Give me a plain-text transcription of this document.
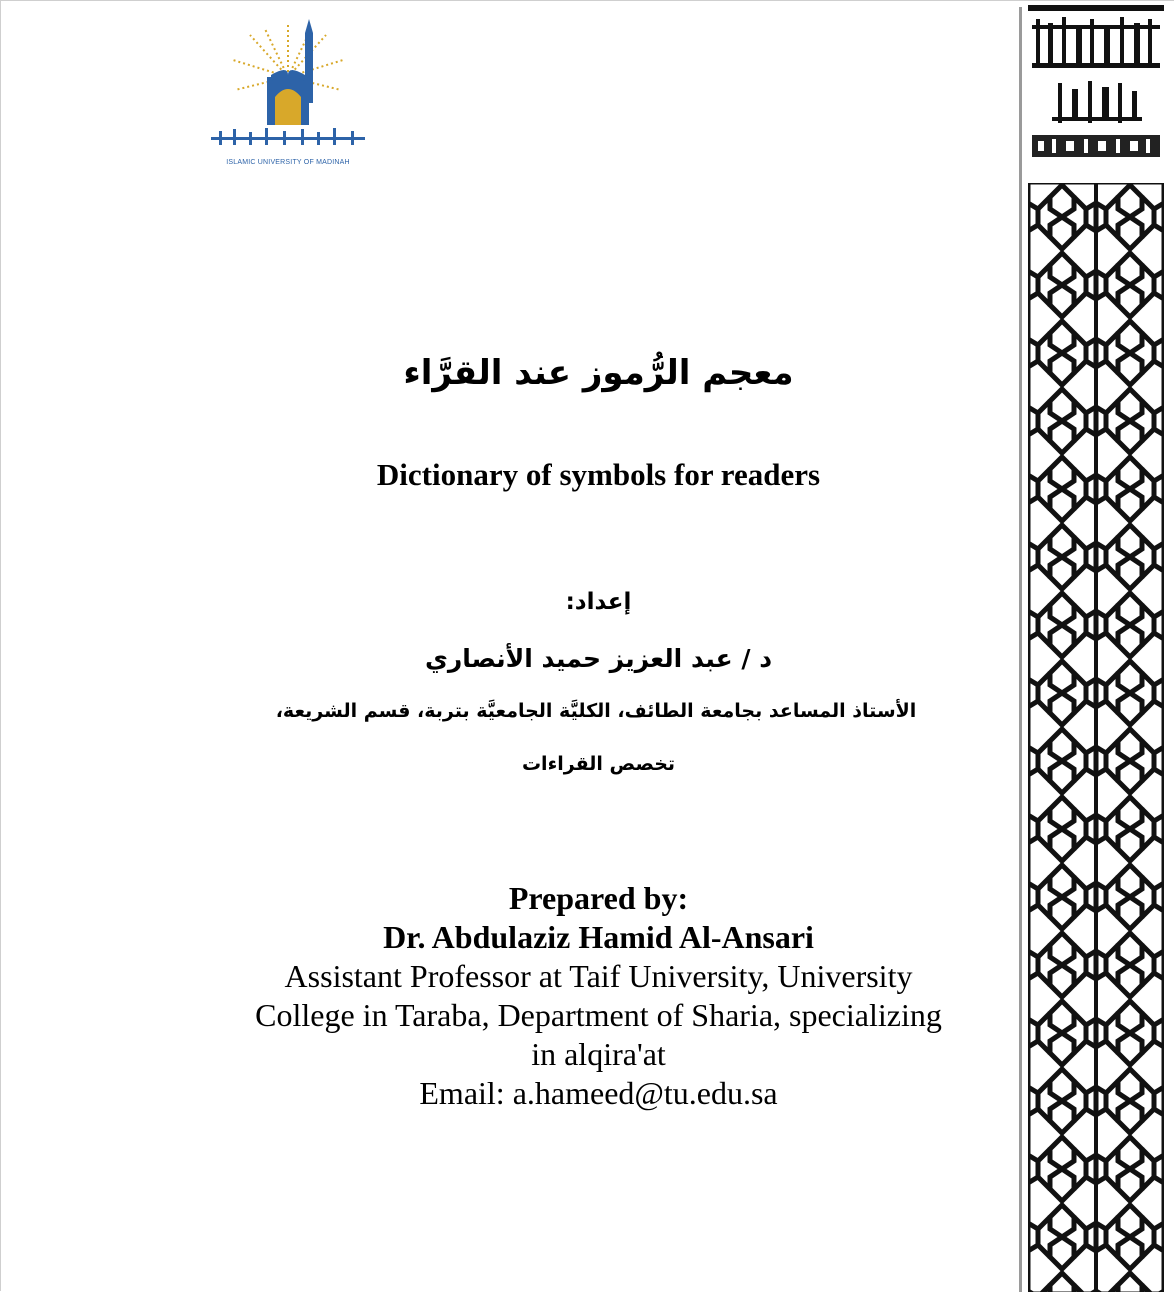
ISLAMIC UNIVERSITY OF MADINAH
معجم الرُّموز عند القرَّاء
Dictionary of symbols for readers
إعداد:
د / عبد العزيز حميد الأنصاري
الأستاذ المساعد بجامعة الطائف، الكليَّة الجامعيَّة بتربة، قسم الشريعة،
تخصص القراءات
Prepared by:
Dr. Abdulaziz Hamid Al-Ansari
Assistant Professor at Taif University, University
College in Taraba, Department of Sharia, specializing
in alqira'at
Email: a.hameed@tu.edu.sa
